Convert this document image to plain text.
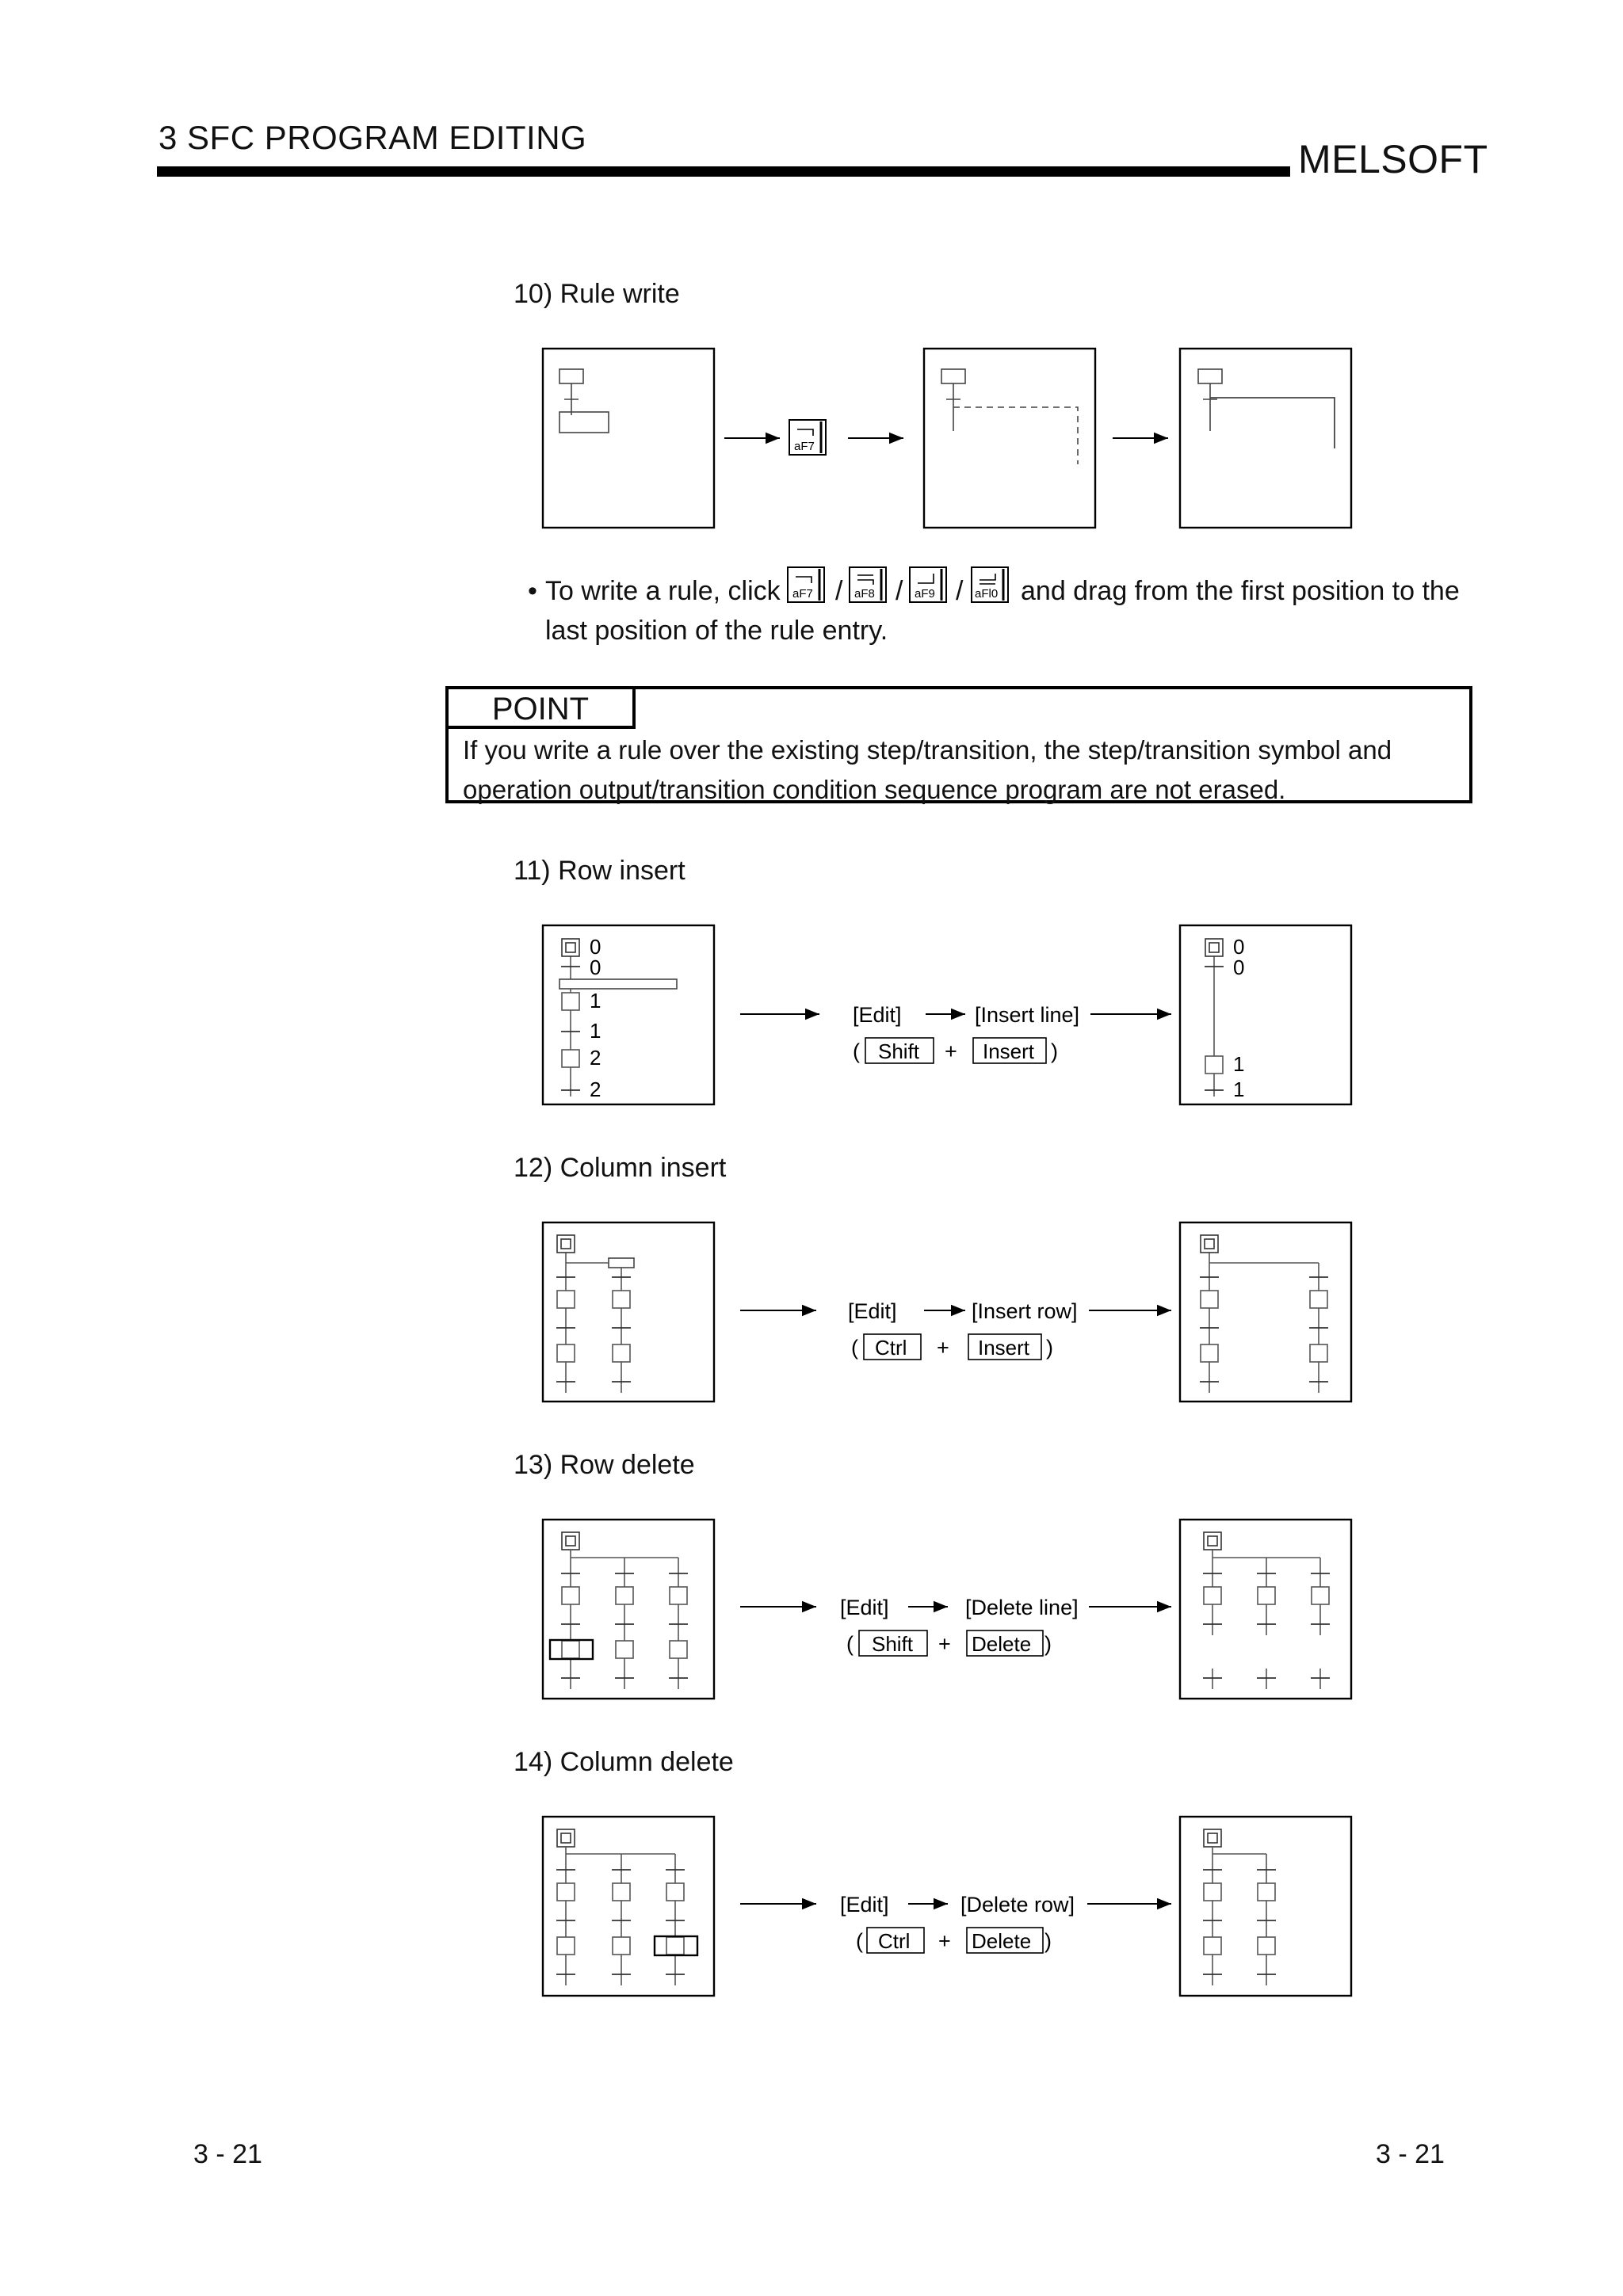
3 SFC PROGRAM EDITING	MELSOFT
10) Rule write
11) Row insert
12) Column insert
13) Row delete
14) Column delete
• To write a rule, click / / / and drag from the first position to the
last position of the rule entry.
POINT
If you write a rule over the existing step/transition, the step/transition symbol and
operation output/transition condition sequence program are not erased.
3 - 21	3 - 21
aF7
aF7	aF8	aF9	aFl0
0
0
1
1
2
2
[Edit]	[Insert line]
( Shift + Insert )
0
0
1
1
[Edit]	[Insert row]
( Ctrl + Insert )
[Edit]	[Delete line]
( Shift + Delete )
[Edit]	[Delete row]
( Ctrl + Delete )
